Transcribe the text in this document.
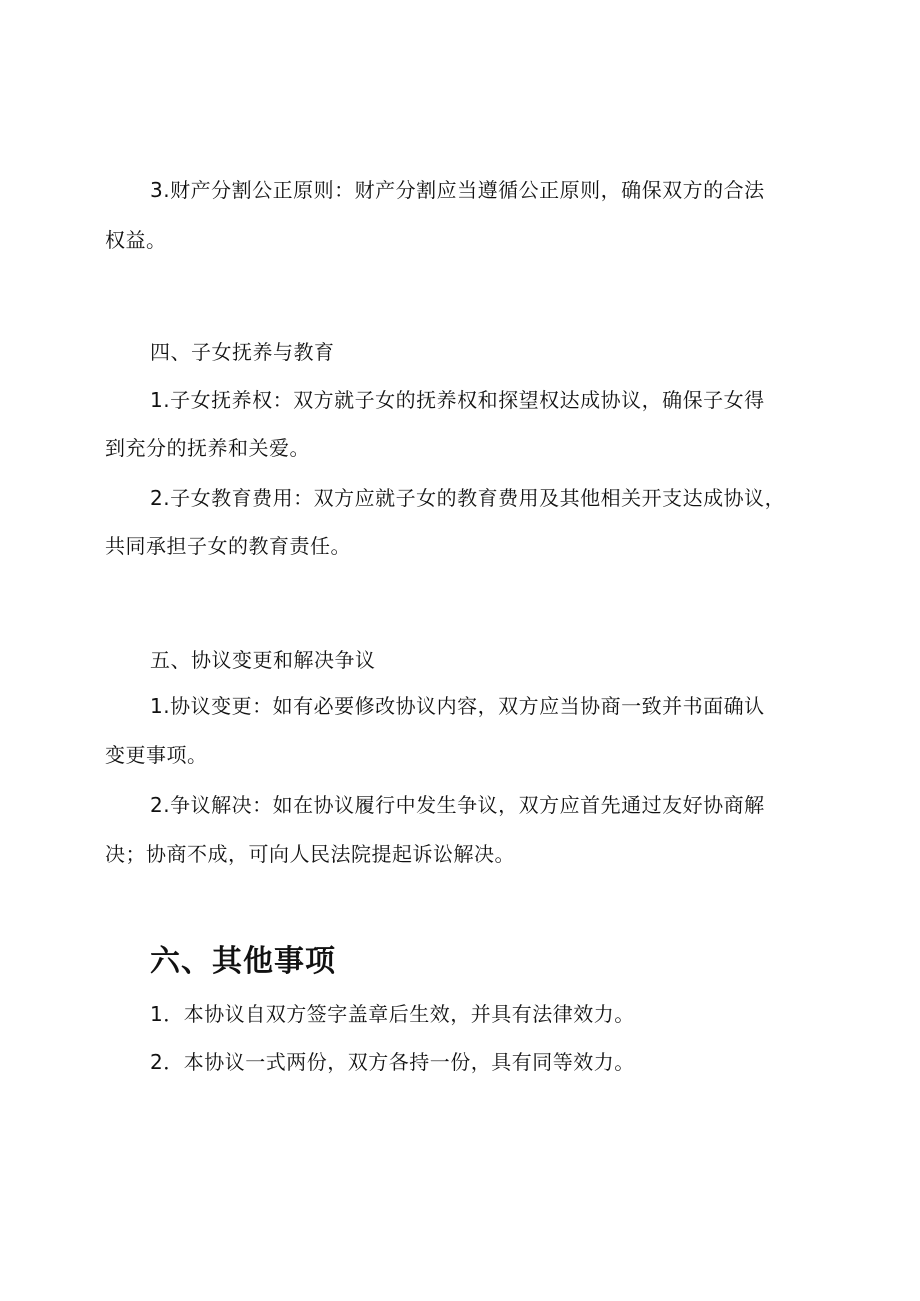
3.财产分割公正原则：财产分割应当遵循公正原则，确保双方的合法
权益。
四、子女抚养与教育
1.子女抚养权：双方就子女的抚养权和探望权达成协议，确保子女得
到充分的抚养和关爱。
2.子女教育费用：双方应就子女的教育费用及其他相关开支达成协议，
共同承担子女的教育责任。
五、协议变更和解决争议
1.协议变更：如有必要修改协议内容，双方应当协商一致并书面确认
变更事项。
2.争议解决：如在协议履行中发生争议，双方应首先通过友好协商解
决；协商不成，可向人民法院提起诉讼解决。
六、其他事项
1．本协议自双方签字盖章后生效，并具有法律效力。
2．本协议一式两份，双方各持一份，具有同等效力。
